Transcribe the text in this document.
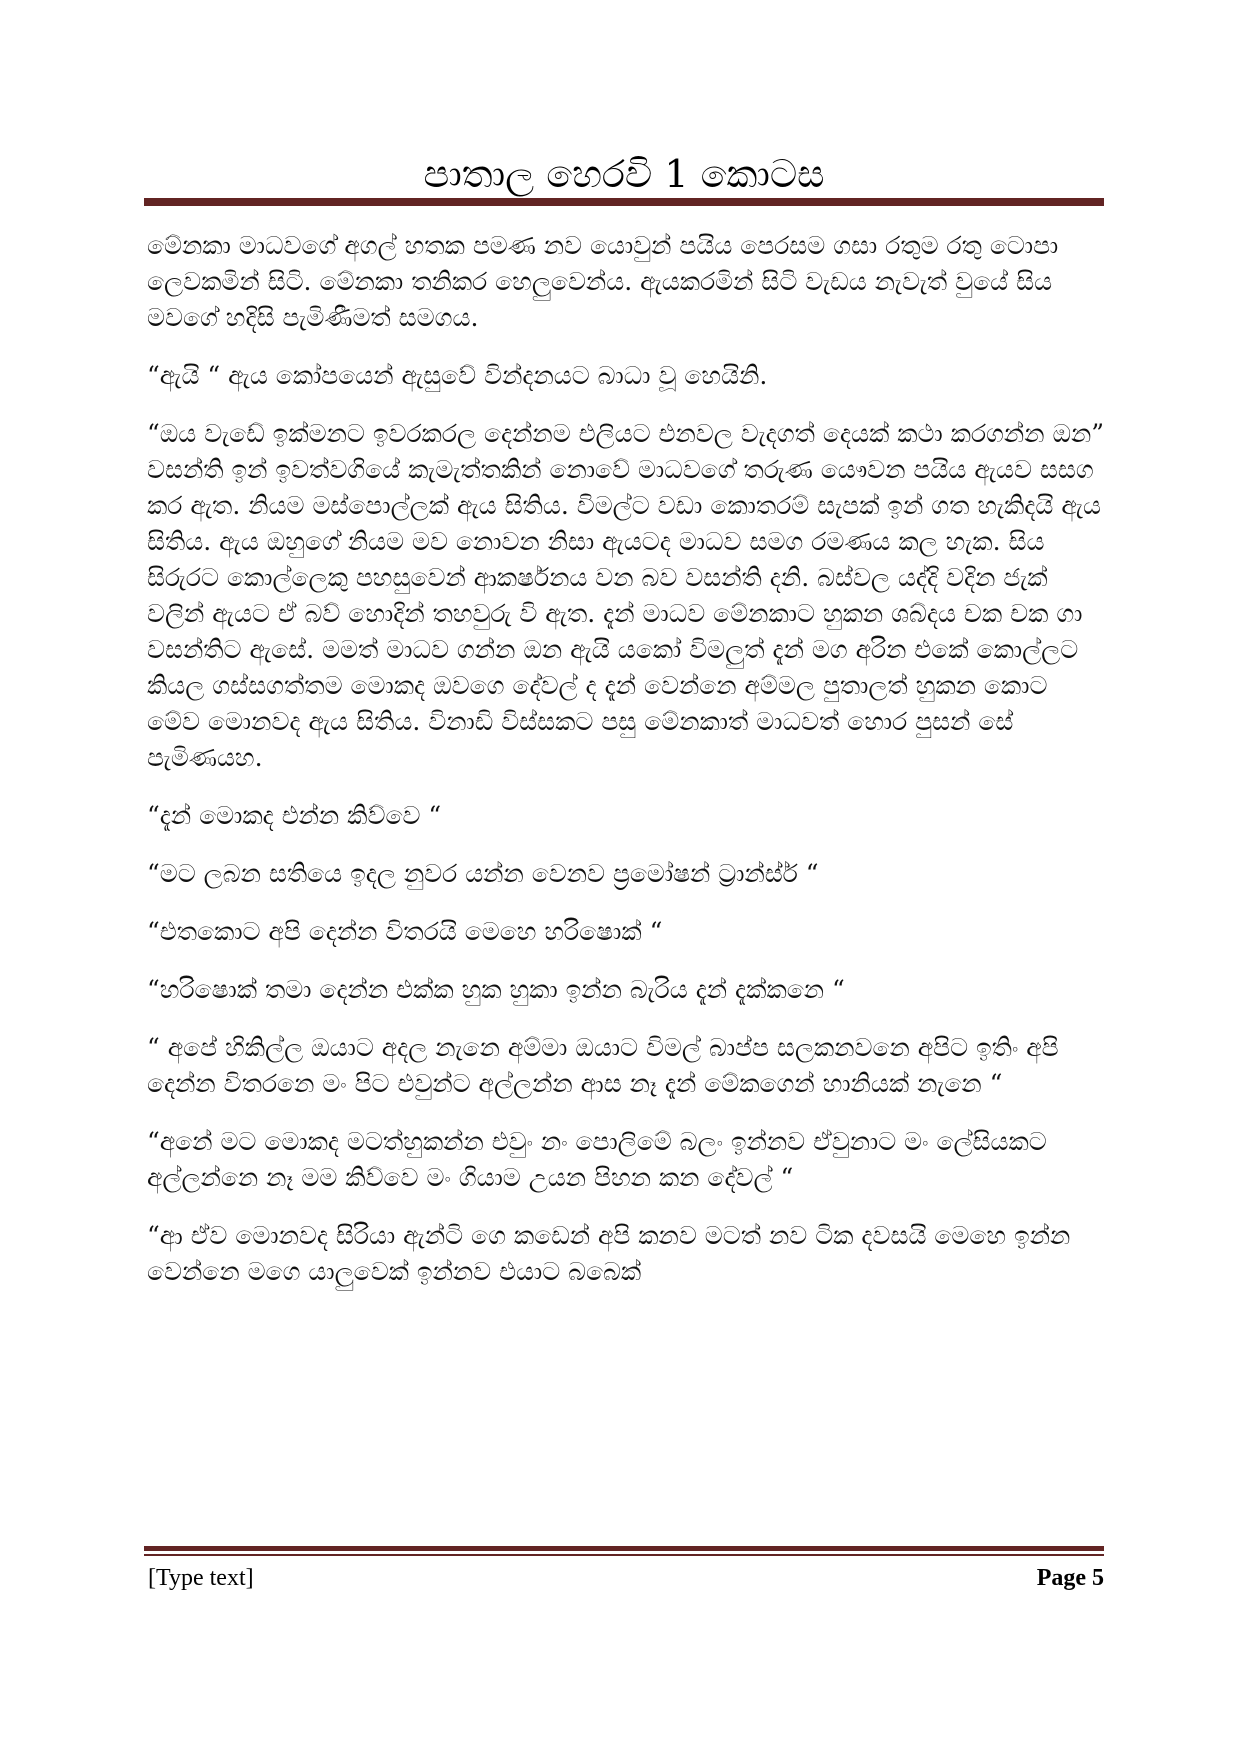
පාතාල හෙරවි 1 කොටස

මේනකා මාධවගේ අගල් හතක පමණ නව යොවුන් පයිය පෙරසම ගසා රතුම රතු ටොපා ලෙවකමින් සිටි. මේනකා තනිකර හෙලුවෙන්ය. ඇයකරමින් සිටි වැඩය නැවැත් වුයේ සිය මවගේ හදිසි පැමිණීමත් සමගය.

“ඇයි “ ඇය කෝපයෙන් ඇසුවේ වින්දනයට බාධා වූ හෙයිනි.

“ඔය වැඩේ ඉක්මනට ඉවරකරල දෙන්නම එලියට එනවල වැදගත් දෙයක් කථා කරගන්න ඔන” වසන්ති ඉන් ඉවත්වගියේ කැමැත්තකින් නොවේ මාධවගේ තරුණ යෞවන පයිය ඇයව සසග කර ඇත. නියම මස්පොල්ලක් ඇය සිතිය. විමල්ට වඩා කොතරම් සැපක් ඉන් ගත හැකිදයි ඇය සිතිය. ඇය ඔහුගේ නියම මව නොවන නිසා ඇයටද මාධව සමග රමණය කල හැක. සිය සිරුරට කොල්ලෙකු පහසුවෙන් ආකර්ෂනය වන බව වසන්ති දනි. බස්වල යද්දි වදින ජැක් වලින් ඇයට ඒ බව් හොදින් තහවුරු වි ඇත. දැන් මාධව මේනකාට හුකන ශබ්දය චක චක ගා වසන්තිට ඇසේ. මමත් මාධව ගන්න ඔන ඇයි යකෝ විමලුත් දැන් මග අරින එකේ කොල්ලට කියල ගස්සගත්තම මොකද ඔවගෙ දේවල් ද දැන් වෙන්නෙ අම්මල පුතාලත් හුකන කොට මේව මොනවද ඇය සිතිය. විනාඩි විස්සකට පසු මේනකාත් මාධවත් හොර පුසන් සේ පැමිණයහ.

“දැන් මොකද එන්න කිව්වෙ “

“මට ලබන සතියෙ ඉදල නුවර යන්න වෙනව ප්‍රමෝෂන් ට්‍රාන්ස්ර් “

“එතකොට අපි දෙන්න විතරයි මෙහෙ හරිෂොක් “

“හරිෂොක් තමා දෙන්න එක්ක හුක හුකා ඉන්න බැරිය දැන් දැක්කනෙ “

“ අපේ හිකිල්ල ඔයාට අදල නැනෙ අම්මා ඔයාට විමල් බාප්ප සලකනවනෙ අපිට ඉතිං අපි දෙන්න විතරනෙ මං පිට එවුන්ට අල්ලන්න ආස නෑ දැන් මේකගෙන් හානියක් නැනෙ “

“අනේ මට මොකද මටත්හුකන්න එවුං නං පොලිමේ බලං ඉන්නව ඒවුනාට මං ලේසියකට අල්ලන්නෙ නෑ මම කිව්වෙ මං ගියාම උයන පිහන කන දේවල් “

“ආ ඒව මොනවද සිරියා ඇන්ටි ගෙ කඩෙන් අපි කනව මටත් නව ටික දවසයි මෙහෙ ඉන්න වෙන්නෙ මගෙ යාලුවෙක් ඉන්නව එයාට බබෙක්

[Type text]	Page 5
